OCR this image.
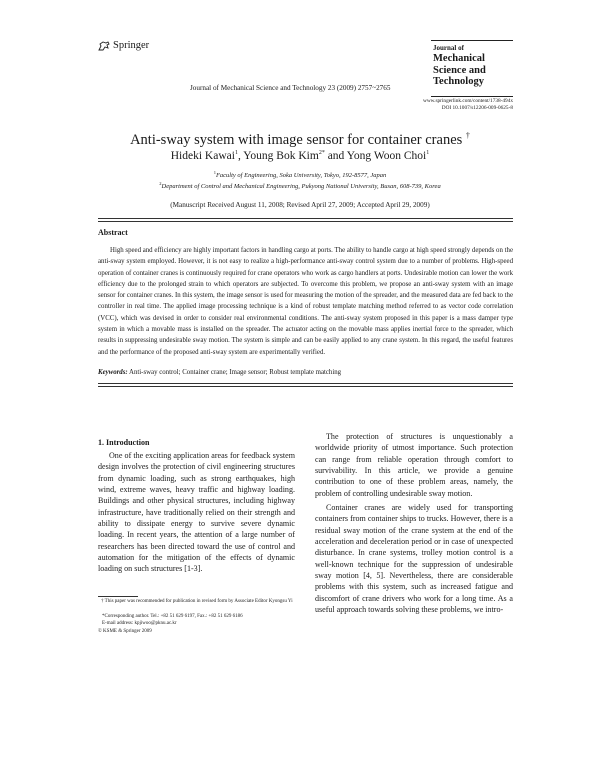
Springer	Journal of
Mechanical
Science and
Technology
Journal of Mechanical Science and Technology 23 (2009) 2757~2765
www.springerlink.com/content/1738-494x
DOI 10.1007/s12206-009-0625-8
Anti-sway system with image sensor for container cranes †
Hideki Kawai$^1$, Young Bok Kim$^{2*}$ and Yong Woon Choi$^1$
$^1$Faculty of Engineering, Soka University, Tokyo, 192-8577, Japan
$^2$Department of Control and Mechanical Engineering, Pukyong National University, Busan, 608-739, Korea
(Manuscript Received August 11, 2008; Revised April 27, 2009; Accepted April 29, 2009)
Abstract
High speed and efficiency are highly important factors in handling cargo at ports. The ability to handle cargo at high speed strongly depends on the anti-sway system employed. However, it is not easy to realize a high-performance anti-sway control system due to a number of problems. High-speed operation of container cranes is continuously required for crane operators who work as cargo handlers at ports. Undesirable motion can lower the work efficiency due to the prolonged strain to which operators are subjected. To overcome this problem, we propose an anti-sway system with an image sensor for container cranes. In this system, the image sensor is used for measuring the motion of the spreader, and the measured data are fed back to the controller in real time. The applied image processing technique is a kind of robust template matching method referred to as vector code correlation (VCC), which was devised in order to consider real environmental conditions. The anti-sway system proposed in this paper is a mass damper type system in which a movable mass is installed on the spreader. The actuator acting on the movable mass applies inertial force to the spreader, which results in suppressing undesirable sway motion. The system is simple and can be easily applied to any crane system. In this regard, the useful features and the performance of the proposed anti-sway system are experimentally verified.
Keywords: Anti-sway control; Container crane; Image sensor; Robust template matching
1. Introduction

One of the exciting application areas for feedback system design involves the protection of civil engineering structures from dynamic loading, such as strong earthquakes, high wind, extreme waves, heavy traffic and highway loading. Buildings and other physical structures, including highway infrastructure, have traditionally relied on their strength and ability to dissipate energy to survive severe dynamic loading. In recent years, the attention of a large number of researchers has been directed toward the use of control and automation for the mitigation of the effects of dynamic loading on such structures [1-3].

The protection of structures is unquestionably a worldwide priority of utmost importance. Such protection can range from reliable operation through comfort to survivability. In this article, we provide a genuine contribution to one of these problem areas, namely, the problem of controlling undesirable sway motion.

Container cranes are widely used for transporting containers from container ships to trucks. However, there is a residual sway motion of the crane system at the end of the acceleration and deceleration period or in case of unexpected disturbance. In crane systems, trolley motion control is a well-known technique for the suppression of undesirable sway motion [4, 5]. Nevertheless, there are considerable problems with this system, such as increased fatigue and discomfort of crane drivers who work for a long time. As a useful approach towards solving these problems, we intro-

† This paper was recommended for publication in revised form by Associate Editor Kyongsu Yi
*Corresponding author. Tel.: +82 51 629 6197, Fax.: +82 51 629 6186
E-mail address: kpjiwoo@pknu.ac.kr
© KSME & Springer 2009
